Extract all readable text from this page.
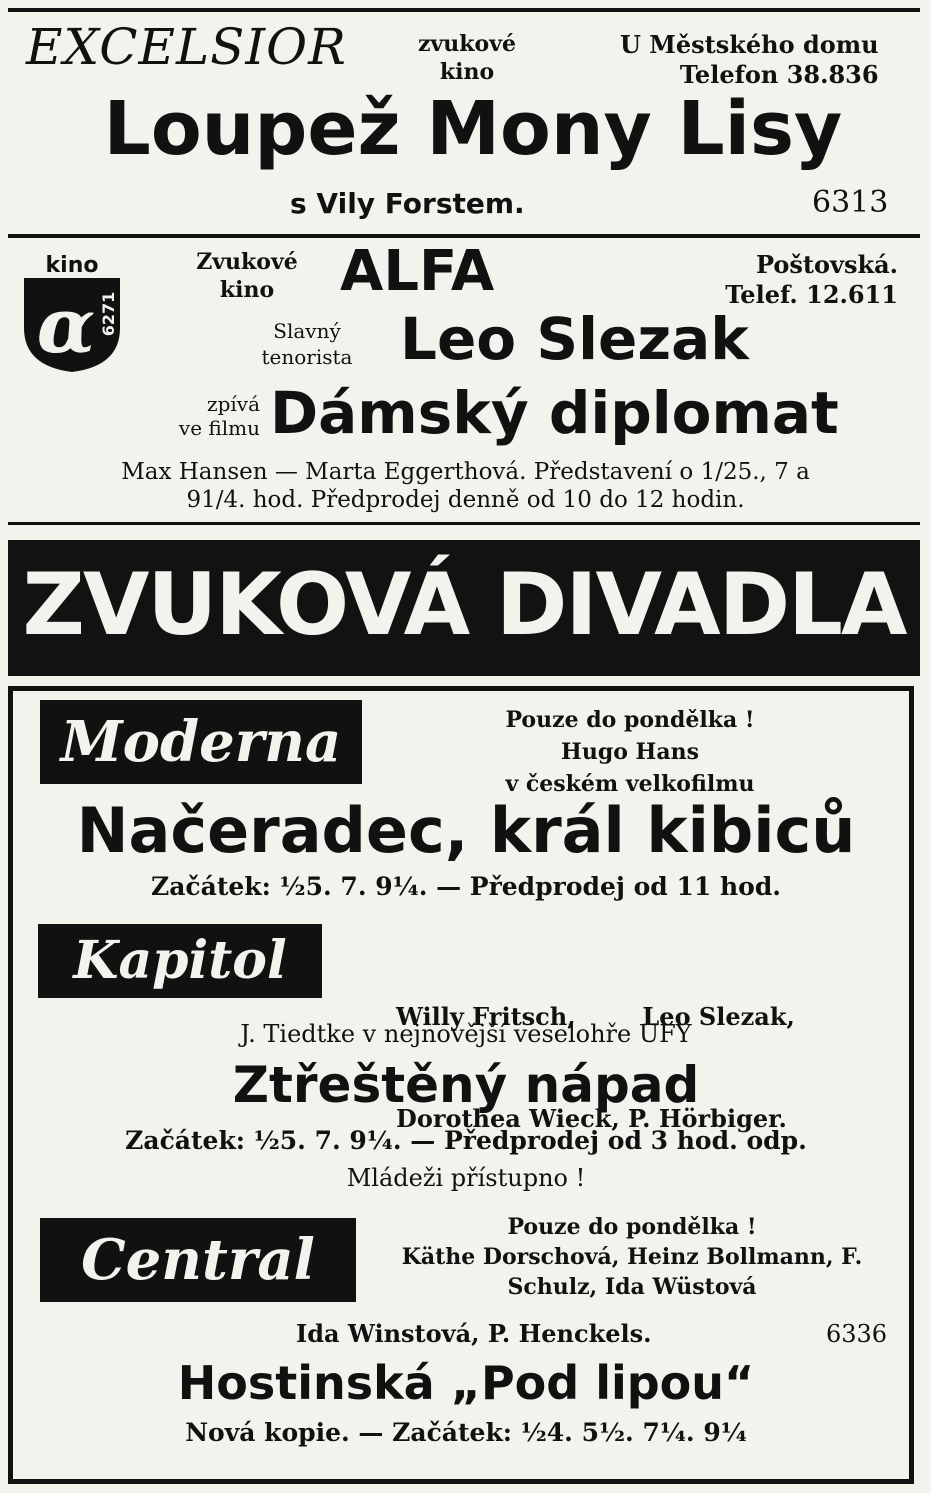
EXCELSIOR	zvukové
kino
U Městského domu
Telefon 38.836
Loupež Mony Lisy
s Vily Forstem.	6313
kino
α 6271
Zvukové
kino	ALFA	Poštovská.
Telef. 12.611
Slavný
tenorista Leo Slezak
zpívá
ve filmu Dámský diplomat
Max Hansen — Marta Eggerthová. Představení o 1/25., 7 a
91/4. hod. Předprodej denně od 10 do 12 hodin.
ZVUKOVÁ DIVADLA
Moderna	Pouze do pondělka !
Hugo Hans
v českém velkofilmu
Načeradec, král kibiců
Začátek: ½5. 7. 9¼. — Předprodej od 11 hod.
Kapitol

Willy Fritsch,        Leo Slezak,

Dorothea Wieck, P. Hörbiger.

J. Tiedtke v nejnovější veselohře UFY
Ztřeštěný nápad
Začátek: ½5. 7. 9¼. — Předprodej od 3 hod. odp.
Mládeži přístupno !
Central	Pouze do pondělka !
Käthe Dorschová, Heinz Bollmann, F. Schulz, Ida Wüstová
Ida Winstová, P. Henckels.	6336
Hostinská „Pod lipou“
Nová kopie. — Začátek: ½4. 5½. 7¼. 9¼
